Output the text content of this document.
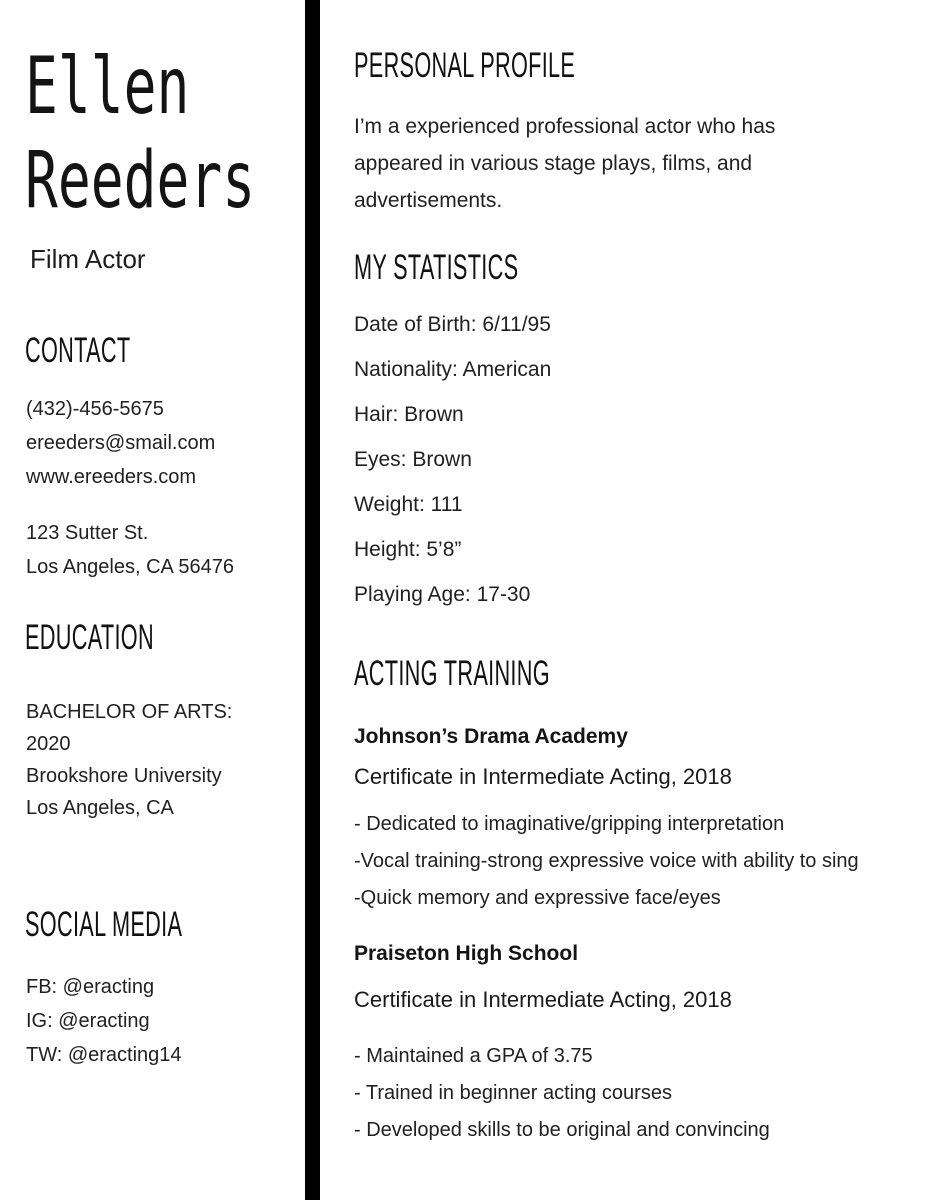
Ellen
Reeders
Film Actor
CONTACT
(432)-456-5675
ereeders@smail.com
www.ereeders.com
123 Sutter St.
Los Angeles, CA 56476
EDUCATION
BACHELOR OF ARTS:
2020
Brookshore University
Los Angeles, CA
SOCIAL MEDIA
FB: @eracting
IG: @eracting
TW: @eracting14
PERSONAL PROFILE
I’m a experienced professional actor who has
appeared in various stage plays, films, and
advertisements.
MY STATISTICS
Date of Birth: 6/11/95
Nationality: American
Hair: Brown
Eyes: Brown
Weight: 111
Height: 5’8”
Playing Age: 17-30
ACTING TRAINING
Johnson’s Drama Academy
Certificate in Intermediate Acting, 2018
- Dedicated to imaginative/gripping interpretation
-Vocal training-strong expressive voice with ability to sing
-Quick memory and expressive face/eyes
Praiseton High School
Certificate in Intermediate Acting, 2018
- Maintained a GPA of 3.75
- Trained in beginner acting courses
- Developed skills to be original and convincing
